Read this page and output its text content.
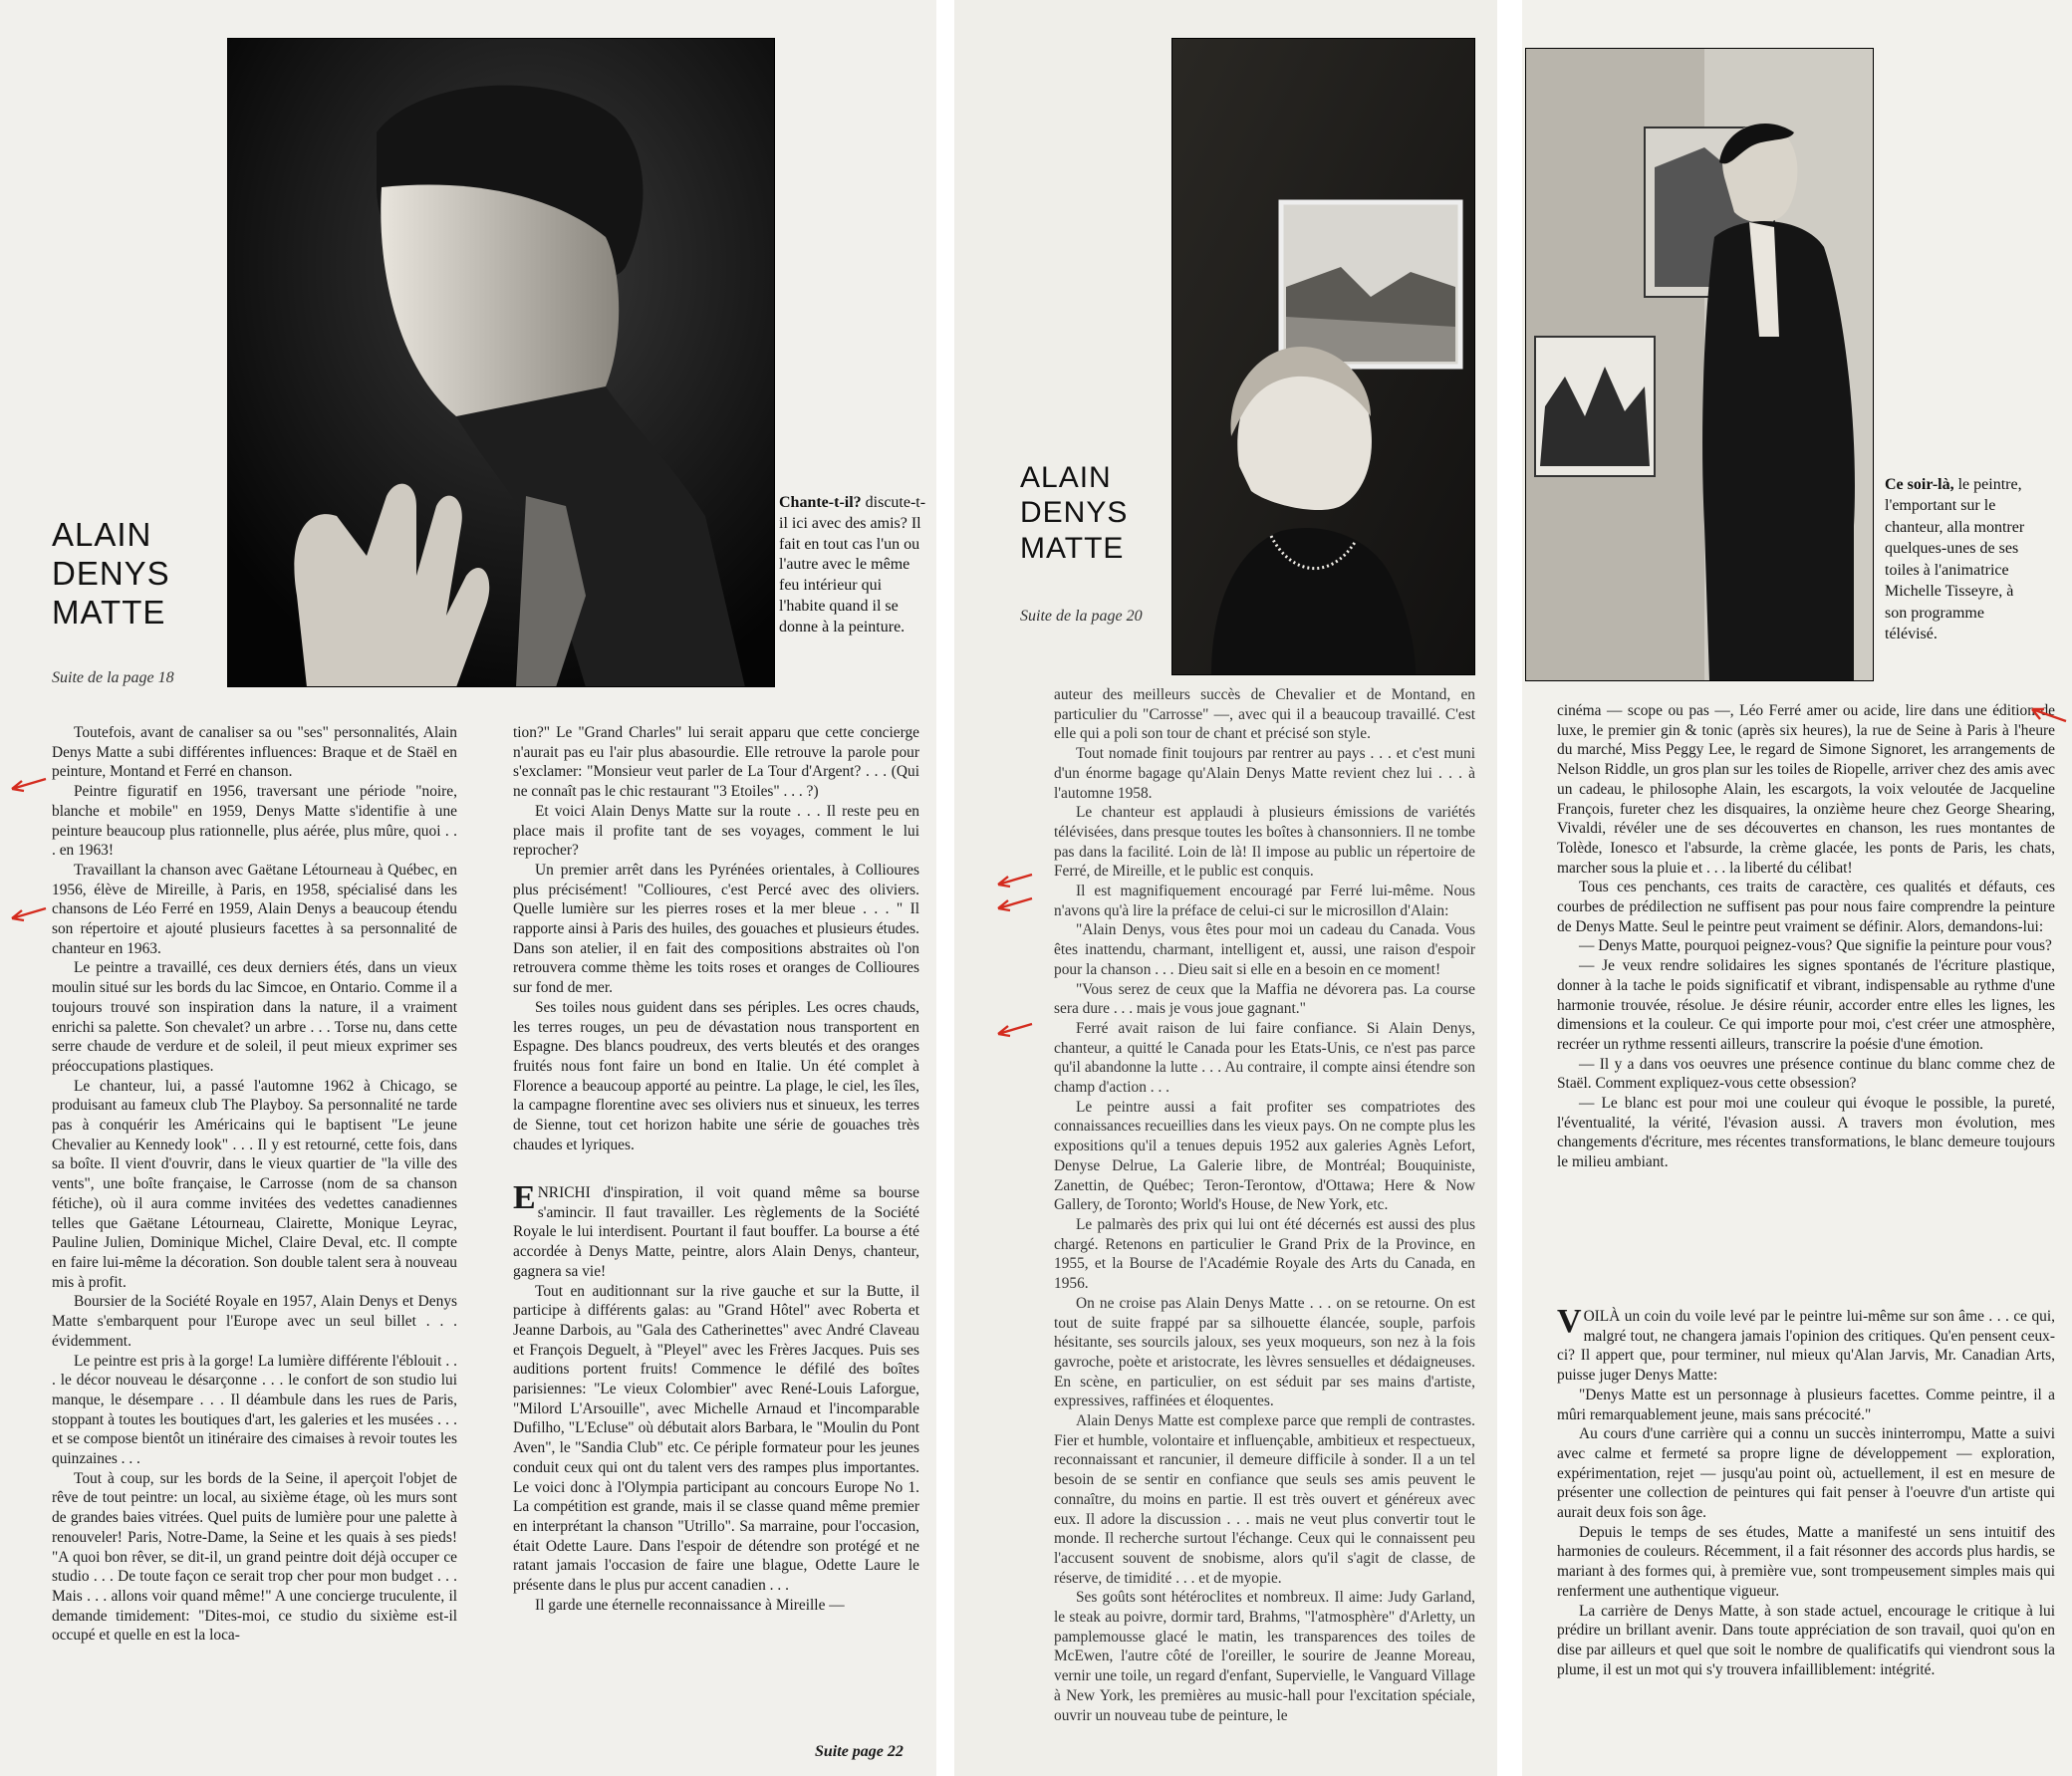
ALAIN
DENYS
MATTE
Suite de la page 18
Chante-t-il? discute-t-il ici avec des amis? Il fait en tout cas l'un ou l'autre avec le même feu intérieur qui l'habite quand il se donne à la peinture.

Toutefois, avant de canaliser sa ou "ses" personnalités, Alain Denys Matte a subi différentes influences: Braque et de Staël en peinture, Montand et Ferré en chanson.

Peintre figuratif en 1956, traversant une période "noire, blanche et mobile" en 1959, Denys Matte s'identifie à une peinture beaucoup plus rationnelle, plus aérée, plus mûre, quoi . . . en 1963!

Travaillant la chanson avec Gaëtane Létourneau à Québec, en 1956, élève de Mireille, à Paris, en 1958, spécialisé dans les chansons de Léo Ferré en 1959, Alain Denys a beaucoup étendu son répertoire et ajouté plusieurs facettes à sa personnalité de chanteur en 1963.

Le peintre a travaillé, ces deux derniers étés, dans un vieux moulin situé sur les bords du lac Simcoe, en Ontario. Comme il a toujours trouvé son inspiration dans la nature, il a vraiment enrichi sa palette. Son chevalet? un arbre . . . Torse nu, dans cette serre chaude de verdure et de soleil, il peut mieux exprimer ses préoccupations plastiques.

Le chanteur, lui, a passé l'automne 1962 à Chicago, se produisant au fameux club The Playboy. Sa personnalité ne tarde pas à conquérir les Américains qui le baptisent "Le jeune Chevalier au Kennedy look" . . . Il y est retourné, cette fois, dans sa boîte. Il vient d'ouvrir, dans le vieux quartier de "la ville des vents", une boîte française, le Carrosse (nom de sa chanson fétiche), où il aura comme invitées des vedettes canadiennes telles que Gaëtane Létourneau, Clairette, Monique Leyrac, Pauline Julien, Dominique Michel, Claire Deval, etc. Il compte en faire lui-même la décoration. Son double talent sera à nouveau mis à profit.

Boursier de la Société Royale en 1957, Alain Denys et Denys Matte s'embarquent pour l'Europe avec un seul billet . . . évidemment.

Le peintre est pris à la gorge! La lumière différente l'éblouit . . . le décor nouveau le désarçonne . . . le confort de son studio lui manque, le désempare . . . Il déambule dans les rues de Paris, stoppant à toutes les boutiques d'art, les galeries et les musées . . . et se compose bientôt un itinéraire des cimaises à revoir toutes les quinzaines . . .

Tout à coup, sur les bords de la Seine, il aperçoit l'objet de rêve de tout peintre: un local, au sixième étage, où les murs sont de grandes baies vitrées. Quel puits de lumière pour une palette à renouveler! Paris, Notre-Dame, la Seine et les quais à ses pieds! "A quoi bon rêver, se dit-il, un grand peintre doit déjà occuper ce studio . . . De toute façon ce serait trop cher pour mon budget . . . Mais . . . allons voir quand même!" A une concierge truculente, il demande timidement: "Dites-moi, ce studio du sixième est-il occupé et quelle en est la loca-

tion?" Le "Grand Charles" lui serait apparu que cette concierge n'aurait pas eu l'air plus abasourdie. Elle retrouve la parole pour s'exclamer: "Monsieur veut parler de La Tour d'Argent? . . . (Qui ne connaît pas le chic restaurant "3 Etoiles" . . . ?)

Et voici Alain Denys Matte sur la route . . . Il reste peu en place mais il profite tant de ses voyages, comment le lui reprocher?

Un premier arrêt dans les Pyrénées orientales, à Collioures plus précisément! "Collioures, c'est Percé avec des oliviers. Quelle lumière sur les pierres roses et la mer bleue . . . " Il rapporte ainsi à Paris des huiles, des gouaches et plusieurs études. Dans son atelier, il en fait des compositions abstraites où l'on retrouvera comme thème les toits roses et oranges de Collioures sur fond de mer.

Ses toiles nous guident dans ses périples. Les ocres chauds, les terres rouges, un peu de dévastation nous transportent en Espagne. Des blancs poudreux, des verts bleutés et des oranges fruités nous font faire un bond en Italie. Un été complet à Florence a beaucoup apporté au peintre. La plage, le ciel, les îles, la campagne florentine avec ses oliviers nus et sinueux, les terres de Sienne, tout cet horizon habite une série de gouaches très chaudes et lyriques.

ENRICHI d'inspiration, il voit quand même sa bourse s'amincir. Il faut travailler. Les règlements de la Société Royale le lui interdisent. Pourtant il faut bouffer. La bourse a été accordée à Denys Matte, peintre, alors Alain Denys, chanteur, gagnera sa vie!

Tout en auditionnant sur la rive gauche et sur la Butte, il participe à différents galas: au "Grand Hôtel" avec Roberta et Jeanne Darbois, au "Gala des Catherinettes" avec André Claveau et François Deguelt, à "Pleyel" avec les Frères Jacques. Puis ses auditions portent fruits! Commence le défilé des boîtes parisiennes: "Le vieux Colombier" avec René-Louis Laforgue, "Milord L'Arsouille", avec Michelle Arnaud et l'incomparable Dufilho, "L'Ecluse" où débutait alors Barbara, le "Moulin du Pont Aven", le "Sandia Club" etc. Ce périple formateur pour les jeunes conduit ceux qui ont du talent vers des rampes plus importantes. Le voici donc à l'Olympia participant au concours Europe No 1. La compétition est grande, mais il se classe quand même premier en interprétant la chanson "Utrillo". Sa marraine, pour l'occasion, était Odette Laure. Dans l'espoir de détendre son protégé et ne ratant jamais l'occasion de faire une blague, Odette Laure le présente dans le plus pur accent canadien . . .

Il garde une éternelle reconnaissance à Mireille —

Suite page 22
ALAIN
DENYS
MATTE
Suite de la page 20

auteur des meilleurs succès de Chevalier et de Montand, en particulier du "Carrosse" —, avec qui il a beaucoup travaillé. C'est elle qui a poli son tour de chant et précisé son style.

Tout nomade finit toujours par rentrer au pays . . . et c'est muni d'un énorme bagage qu'Alain Denys Matte revient chez lui . . . à l'automne 1958.

Le chanteur est applaudi à plusieurs émissions de variétés télévisées, dans presque toutes les boîtes à chansonniers. Il ne tombe pas dans la facilité. Loin de là! Il impose au public un répertoire de Ferré, de Mireille, et le public est conquis.

Il est magnifiquement encouragé par Ferré lui-même. Nous n'avons qu'à lire la préface de celui-ci sur le microsillon d'Alain:

"Alain Denys, vous êtes pour moi un cadeau du Canada. Vous êtes inattendu, charmant, intelligent et, aussi, une raison d'espoir pour la chanson . . . Dieu sait si elle en a besoin en ce moment!

"Vous serez de ceux que la Maffia ne dévorera pas. La course sera dure . . . mais je vous joue gagnant."

Ferré avait raison de lui faire confiance. Si Alain Denys, chanteur, a quitté le Canada pour les Etats-Unis, ce n'est pas parce qu'il abandonne la lutte . . . Au contraire, il compte ainsi étendre son champ d'action . . .

Le peintre aussi a fait profiter ses compatriotes des connaissances recueillies dans les vieux pays. On ne compte plus les expositions qu'il a tenues depuis 1952 aux galeries Agnès Lefort, Denyse Delrue, La Galerie libre, de Montréal; Bouquiniste, Zanettin, de Québec; Teron-Terontow, d'Ottawa; Here & Now Gallery, de Toronto; World's House, de New York, etc.

Le palmarès des prix qui lui ont été décernés est aussi des plus chargé. Retenons en particulier le Grand Prix de la Province, en 1955, et la Bourse de l'Académie Royale des Arts du Canada, en 1956.

On ne croise pas Alain Denys Matte . . . on se retourne. On est tout de suite frappé par sa silhouette élancée, souple, parfois hésitante, ses sourcils jaloux, ses yeux moqueurs, son nez à la fois gavroche, poète et aristocrate, les lèvres sensuelles et dédaigneuses. En scène, en particulier, on est séduit par ses mains d'artiste, expressives, raffinées et éloquentes.

Alain Denys Matte est complexe parce que rempli de contrastes. Fier et humble, volontaire et influençable, ambitieux et respectueux, reconnaissant et rancunier, il demeure difficile à sonder. Il a un tel besoin de se sentir en confiance que seuls ses amis peuvent le connaître, du moins en partie. Il est très ouvert et généreux avec eux. Il adore la discussion . . . mais ne veut plus convertir tout le monde. Il recherche surtout l'échange. Ceux qui le connaissent peu l'accusent souvent de snobisme, alors qu'il s'agit de classe, de réserve, de timidité . . . et de myopie.

Ses goûts sont hétéroclites et nombreux. Il aime: Judy Garland, le steak au poivre, dormir tard, Brahms, "l'atmosphère" d'Arletty, un pamplemousse glacé le matin, les transparences des toiles de McEwen, l'autre côté de l'oreiller, le sourire de Jeanne Moreau, vernir une toile, un regard d'enfant, Supervielle, le Vanguard Village à New York, les premières au music-hall pour l'excitation spéciale, ouvrir un nouveau tube de peinture, le

Ce soir-là, le peintre, l'emportant sur le chanteur, alla montrer quelques-unes de ses toiles à l'animatrice Michelle Tisseyre, à son programme télévisé.

cinéma — scope ou pas —, Léo Ferré amer ou acide, lire dans une édition de luxe, le premier gin & tonic (après six heures), la rue de Seine à Paris à l'heure du marché, Miss Peggy Lee, le regard de Simone Signoret, les arrangements de Nelson Riddle, un gros plan sur les toiles de Riopelle, arriver chez des amis avec un cadeau, le philosophe Alain, les escargots, la voix veloutée de Jacqueline François, fureter chez les disquaires, la onzième heure chez George Shearing, Vivaldi, révéler une de ses découvertes en chanson, les rues montantes de Tolède, Ionesco et l'absurde, la crème glacée, les ponts de Paris, les chats, marcher sous la pluie et . . . la liberté du célibat!

Tous ces penchants, ces traits de caractère, ces qualités et défauts, ces courbes de prédilection ne suffisent pas pour nous faire comprendre la peinture de Denys Matte. Seul le peintre peut vraiment se définir. Alors, demandons-lui:

— Denys Matte, pourquoi peignez-vous? Que signifie la peinture pour vous?

— Je veux rendre solidaires les signes spontanés de l'écriture plastique, donner à la tache le poids significatif et vibrant, indispensable au rythme d'une harmonie trouvée, résolue. Je désire réunir, accorder entre elles les lignes, les dimensions et la couleur. Ce qui importe pour moi, c'est créer une atmosphère, recréer un rythme ressenti ailleurs, transcrire la poésie d'une émotion.

— Il y a dans vos oeuvres une présence continue du blanc comme chez de Staël. Comment expliquez-vous cette obsession?

— Le blanc est pour moi une couleur qui évoque le possible, la pureté, l'éventualité, la vérité, l'évasion aussi. A travers mon évolution, mes changements d'écriture, mes récentes transformations, le blanc demeure toujours le milieu ambiant.

VOILÀ un coin du voile levé par le peintre lui-même sur son âme . . . ce qui, malgré tout, ne changera jamais l'opinion des critiques. Qu'en pensent ceux-ci? Il appert que, pour terminer, nul mieux qu'Alan Jarvis, Mr. Canadian Arts, puisse juger Denys Matte:

"Denys Matte est un personnage à plusieurs facettes. Comme peintre, il a mûri remarquablement jeune, mais sans précocité."

Au cours d'une carrière qui a connu un succès ininterrompu, Matte a suivi avec calme et fermeté sa propre ligne de développement — exploration, expérimentation, rejet — jusqu'au point où, actuellement, il est en mesure de présenter une collection de peintures qui fait penser à l'oeuvre d'un artiste qui aurait deux fois son âge.

Depuis le temps de ses études, Matte a manifesté un sens intuitif des harmonies de couleurs. Récemment, il a fait résonner des accords plus hardis, se mariant à des formes qui, à première vue, sont trompeusement simples mais qui renferment une authentique vigueur.

La carrière de Denys Matte, à son stade actuel, encourage le critique à lui prédire un brillant avenir. Dans toute appréciation de son travail, quoi qu'on en dise par ailleurs et quel que soit le nombre de qualificatifs qui viendront sous la plume, il est un mot qui s'y trouvera infailliblement: intégrité.
